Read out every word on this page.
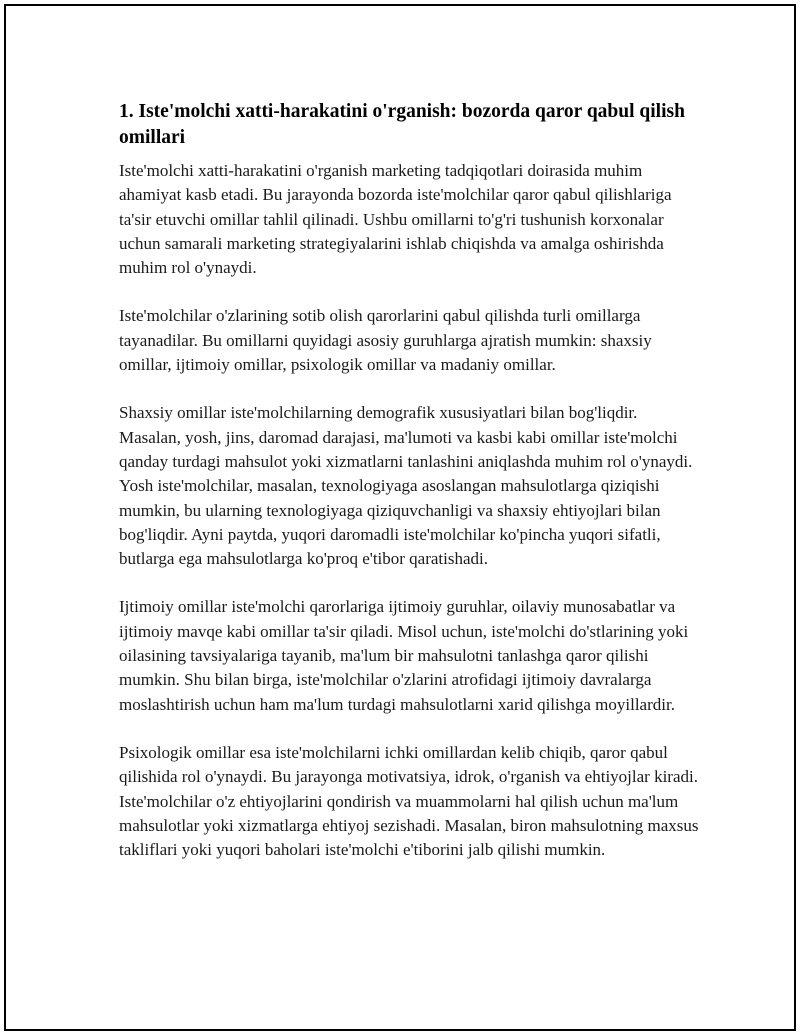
1. Iste'molchi xatti-harakatini o'rganish: bozorda qaror qabul qilish omillari

Iste'molchi xatti-harakatini o'rganish marketing tadqiqotlari doirasida muhim ahamiyat kasb etadi. Bu jarayonda bozorda iste'molchilar qaror qabul qilishlariga ta'sir etuvchi omillar tahlil qilinadi. Ushbu omillarni to'g'ri tushunish korxonalar uchun samarali marketing strategiyalarini ishlab chiqishda va amalga oshirishda muhim rol o'ynaydi.

Iste'molchilar o'zlarining sotib olish qarorlarini qabul qilishda turli omillarga tayanadilar. Bu omillarni quyidagi asosiy guruhlarga ajratish mumkin: shaxsiy omillar, ijtimoiy omillar, psixologik omillar va madaniy omillar.

Shaxsiy omillar iste'molchilarning demografik xususiyatlari bilan bog'liqdir. Masalan, yosh, jins, daromad darajasi, ma'lumoti va kasbi kabi omillar iste'molchi qanday turdagi mahsulot yoki xizmatlarni tanlashini aniqlashda muhim rol o'ynaydi. Yosh iste'molchilar, masalan, texnologiyaga asoslangan mahsulotlarga qiziqishi mumkin, bu ularning texnologiyaga qiziquvchanligi va shaxsiy ehtiyojlari bilan bog'liqdir. Ayni paytda, yuqori daromadli iste'molchilar ko'pincha yuqori sifatli, butlarga ega mahsulotlarga ko'proq e'tibor qaratishadi.

Ijtimoiy omillar iste'molchi qarorlariga ijtimoiy guruhlar, oilaviy munosabatlar va ijtimoiy mavqe kabi omillar ta'sir qiladi. Misol uchun, iste'molchi do'stlarining yoki oilasining tavsiyalariga tayanib, ma'lum bir mahsulotni tanlashga qaror qilishi mumkin. Shu bilan birga, iste'molchilar o'zlarini atrofidagi ijtimoiy davralarga moslashtirish uchun ham ma'lum turdagi mahsulotlarni xarid qilishga moyillardir.

Psixologik omillar esa iste'molchilarni ichki omillardan kelib chiqib, qaror qabul qilishida rol o'ynaydi. Bu jarayonga motivatsiya, idrok, o'rganish va ehtiyojlar kiradi. Iste'molchilar o'z ehtiyojlarini qondirish va muammolarni hal qilish uchun ma'lum mahsulotlar yoki xizmatlarga ehtiyoj sezishadi. Masalan, biron mahsulotning maxsus takliflari yoki yuqori baholari iste'molchi e'tiborini jalb qilishi mumkin.
